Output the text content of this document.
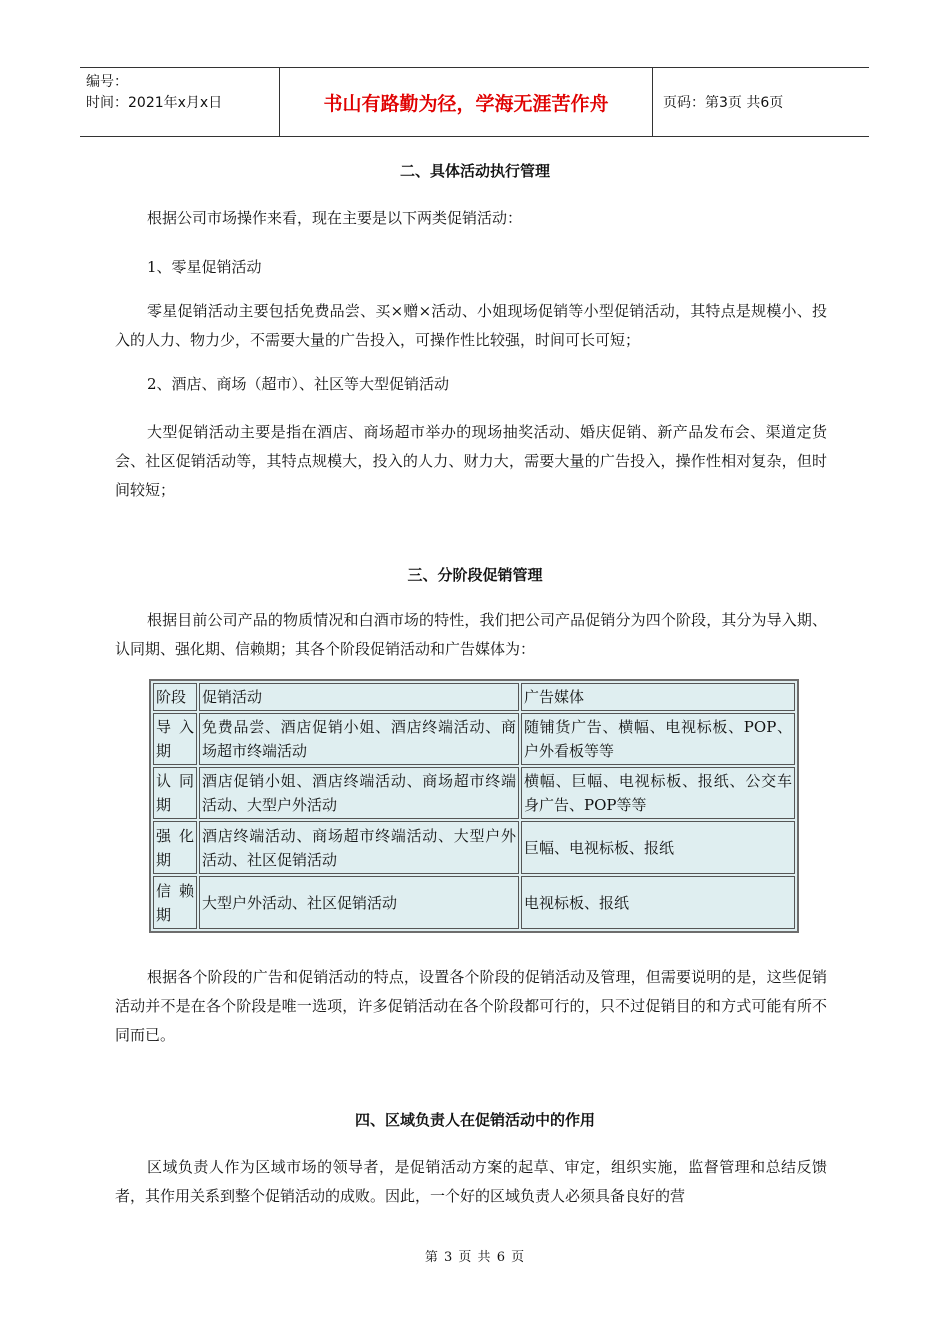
编号：
时间：2021年x月x日	书山有路勤为径，学海无涯苦作舟	页码：第3页 共6页
二、具体活动执行管理
根据公司市场操作来看，现在主要是以下两类促销活动：
1、零星促销活动
零星促销活动主要包括免费品尝、买×赠×活动、小姐现场促销等小型促销活动，其特点是规模小、投入的人力、物力少，不需要大量的广告投入，可操作性比较强，时间可长可短；
2、酒店、商场（超市）、社区等大型促销活动
大型促销活动主要是指在酒店、商场超市举办的现场抽奖活动、婚庆促销、新产品发布会、渠道定货会、社区促销活动等，其特点规模大，投入的人力、财力大，需要大量的广告投入，操作性相对复杂，但时间较短；
三、分阶段促销管理
根据目前公司产品的物质情况和白酒市场的特性，我们把公司产品促销分为四个阶段，其分为导入期、认同期、强化期、信赖期；其各个阶段促销活动和广告媒体为：
阶段	促销活动	广告媒体
导入期	免费品尝、酒店促销小姐、酒店终端活动、商场超市终端活动	随铺货广告、横幅、电视标板、POP、户外看板等等
认同期	酒店促销小姐、酒店终端活动、商场超市终端活动、大型户外活动	横幅、巨幅、电视标板、报纸、公交车身广告、POP等等
强化期	酒店终端活动、商场超市终端活动、大型户外活动、社区促销活动	巨幅、电视标板、报纸
信赖期	大型户外活动、社区促销活动	电视标板、报纸
根据各个阶段的广告和促销活动的特点，设置各个阶段的促销活动及管理，但需要说明的是，这些促销活动并不是在各个阶段是唯一选项，许多促销活动在各个阶段都可行的，只不过促销目的和方式可能有所不同而已。
四、区域负责人在促销活动中的作用
区域负责人作为区域市场的领导者，是促销活动方案的起草、审定，组织实施，监督管理和总结反馈者，其作用关系到整个促销活动的成败。因此，一个好的区域负责人必须具备良好的营
第 3 页 共 6 页
